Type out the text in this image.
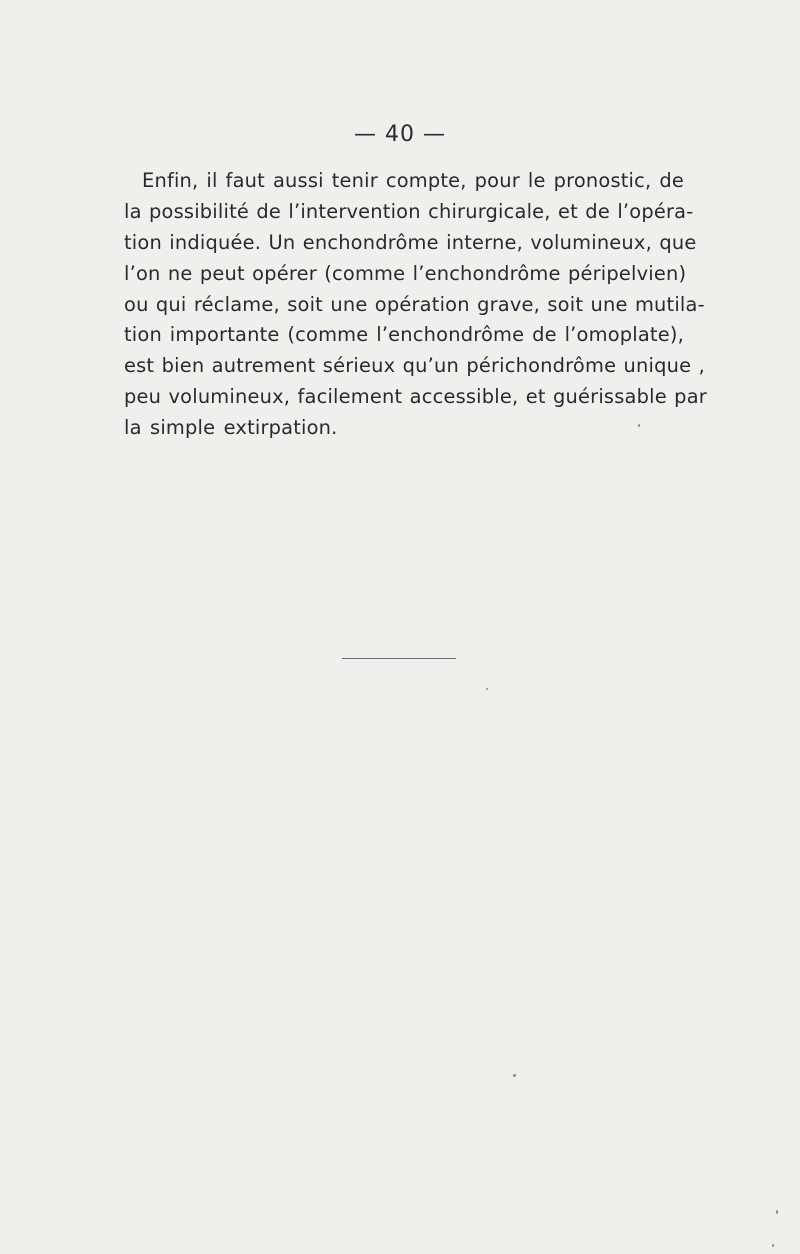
— 40 —
Enfin, il faut aussi tenir compte, pour le pronostic, de
la possibilité de l’intervention chirurgicale, et de l’opéra-
tion indiquée. Un enchondrôme interne, volumineux, que
l’on ne peut opérer (comme l’enchondrôme péripelvien)
ou qui réclame, soit une opération grave, soit une mutila-
tion importante (comme l’enchondrôme de l’omoplate),
est bien autrement sérieux qu’un périchondrôme unique ,
peu volumineux, facilement accessible, et guérissable par
la simple extirpation.
